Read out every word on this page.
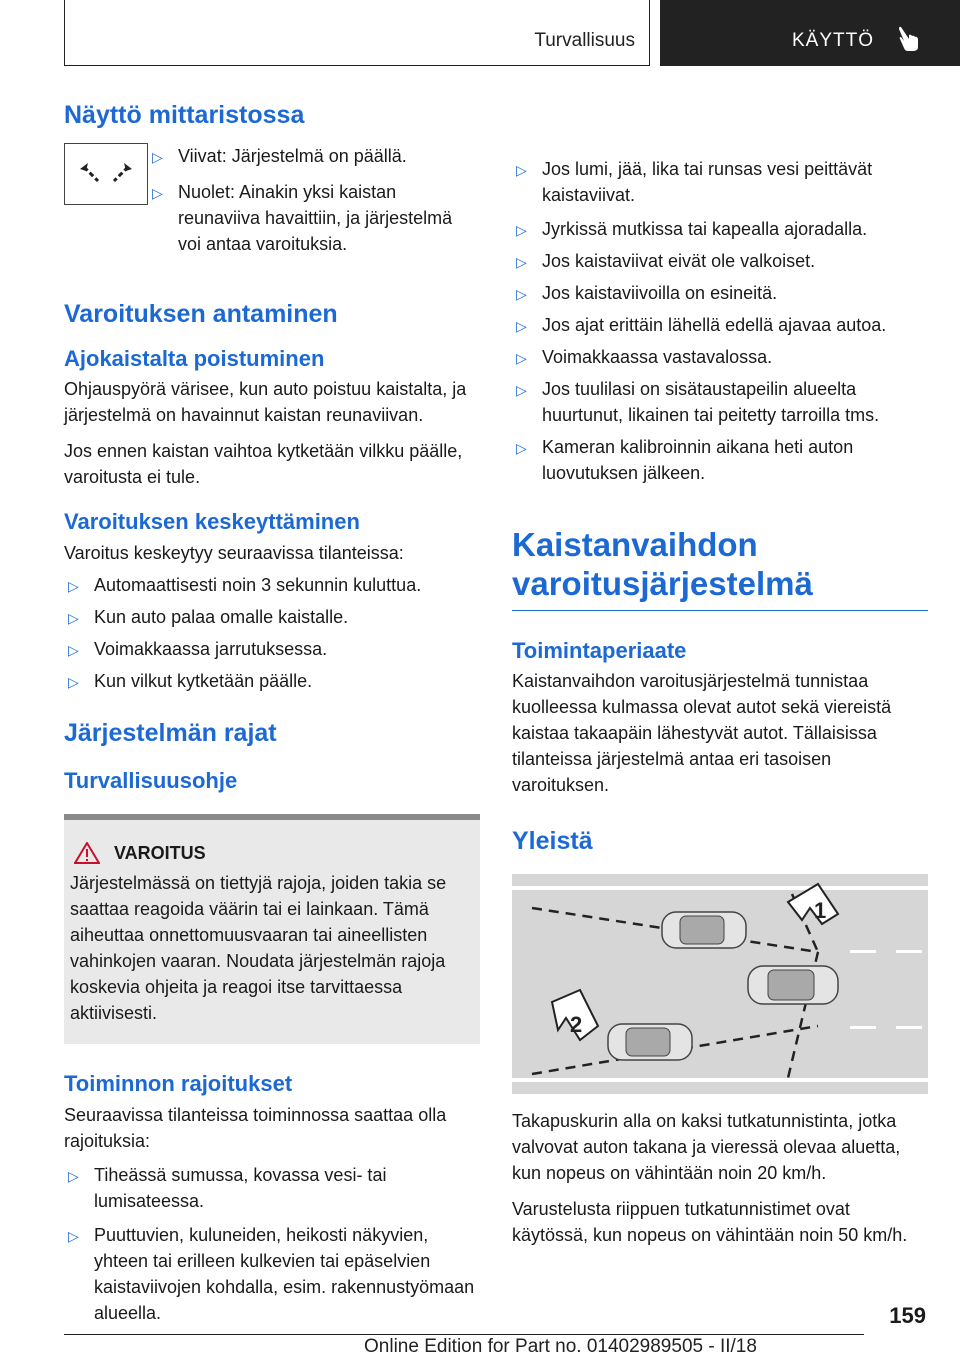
Turvallisuus	KÄYTTÖ
Näyttö mittaristossa
▷ Viivat: Järjestelmä on päällä.
▷ Nuolet: Ainakin yksi kaistan reunaviiva havaittiin, ja järjestelmä voi antaa varoituksia.
Varoituksen antaminen
Ajokaistalta poistuminen

Ohjauspyörä värisee, kun auto poistuu kaistalta, ja järjestelmä on havainnut kaistan reunaviivan.

Jos ennen kaistan vaihtoa kytketään vilkku päälle, varoitusta ei tule.

Varoituksen keskeyttäminen

Varoitus keskeytyy seuraavissa tilanteissa:

▷ Automaattisesti noin 3 sekunnin kuluttua.
▷ Kun auto palaa omalle kaistalle.
▷ Voimakkaassa jarrutuksessa.
▷ Kun vilkut kytketään päälle.
Järjestelmän rajat
Turvallisuusohje
VAROITUS

Järjestelmässä on tiettyjä rajoja, joiden takia se saattaa reagoida väärin tai ei lainkaan. Tämä aiheuttaa onnettomuusvaaran tai aineellisten vahinkojen vaaran. Noudata järjestelmän rajoja koskevia ohjeita ja reagoi itse tarvittaessa aktiivisesti.

Toiminnon rajoitukset

Seuraavissa tilanteissa toiminnossa saattaa olla rajoituksia:

▷ Tiheässä sumussa, kovassa vesi- tai lumisateessa.
▷ Puuttuvien, kuluneiden, heikosti näkyvien, yhteen tai erilleen kulkevien tai epäselvien kaistaviivojen kohdalla, esim. rakennustyömaan alueella.
▷ Jos lumi, jää, lika tai runsas vesi peittävät kaistaviivat.
▷ Jyrkissä mutkissa tai kapealla ajoradalla.
▷ Jos kaistaviivat eivät ole valkoiset.
▷ Jos kaistaviivoilla on esineitä.
▷ Jos ajat erittäin lähellä edellä ajavaa autoa.
▷ Voimakkaassa vastavalossa.
▷ Jos tuulilasi on sisätaustapeilin alueelta huurtunut, likainen tai peitetty tarroilla tms.
▷ Kameran kalibroinnin aikana heti auton luovutuksen jälkeen.
Kaistanvaihdon
varoitusjärjestelmä
Toimintaperiaate

Kaistanvaihdon varoitusjärjestelmä tunnistaa kuolleessa kulmassa olevat autot sekä viereistä kaistaa takaapäin lähestyvät autot. Tällaisissa tilanteissa järjestelmä antaa eri tasoisen varoituksen.

Yleistä
1
2

Takapuskurin alla on kaksi tutkatunnistinta, jotka valvovat auton takana ja vieressä olevaa aluetta, kun nopeus on vähintään noin 20 km/h.

Varustelusta riippuen tutkatunnistimet ovat käytössä, kun nopeus on vähintään noin 50 km/h.

159
Online Edition for Part no. 01402989505 - II/18
